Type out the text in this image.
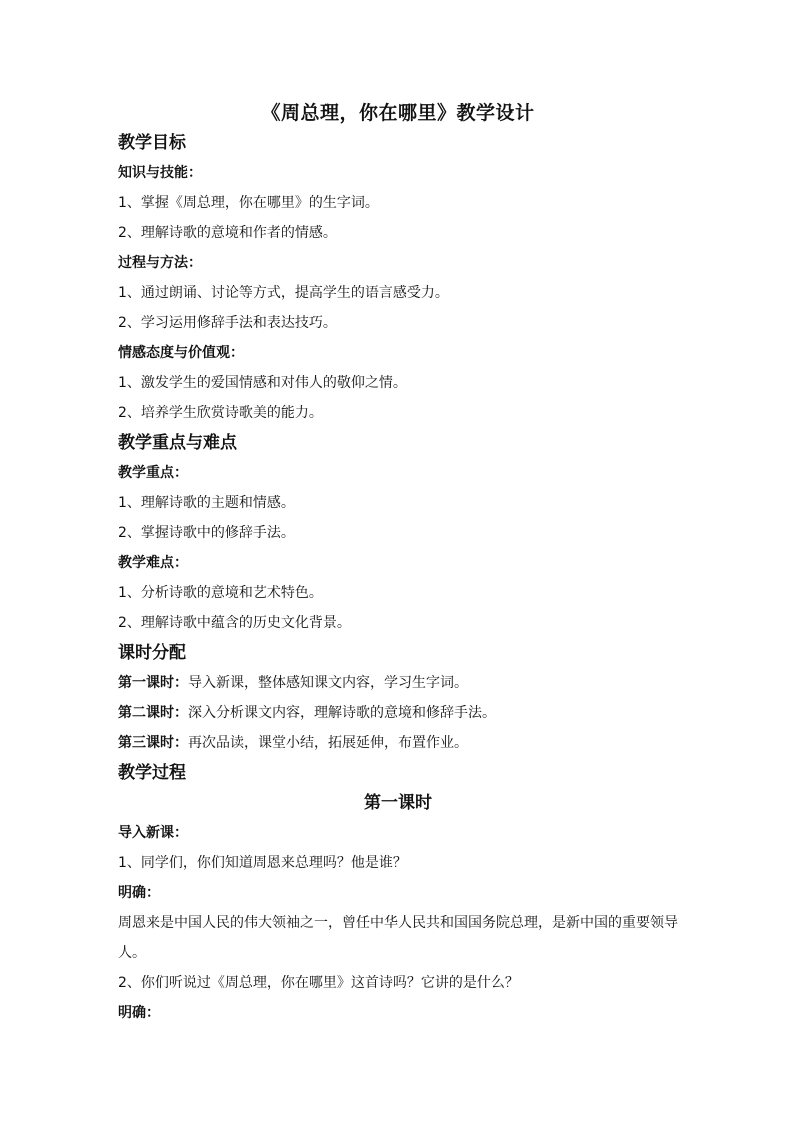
《周总理，你在哪里》教学设计

教学目标

知识与技能：

1、掌握《周总理，你在哪里》的生字词。

2、理解诗歌的意境和作者的情感。

过程与方法：

1、通过朗诵、讨论等方式，提高学生的语言感受力。

2、学习运用修辞手法和表达技巧。

情感态度与价值观：

1、激发学生的爱国情感和对伟人的敬仰之情。

2、培养学生欣赏诗歌美的能力。

教学重点与难点

教学重点：

1、理解诗歌的主题和情感。

2、掌握诗歌中的修辞手法。

教学难点：

1、分析诗歌的意境和艺术特色。

2、理解诗歌中蕴含的历史文化背景。

课时分配

第一课时：导入新课，整体感知课文内容，学习生字词。

第二课时：深入分析课文内容，理解诗歌的意境和修辞手法。

第三课时：再次品读，课堂小结，拓展延伸，布置作业。

教学过程

第一课时

导入新课：

1、同学们，你们知道周恩来总理吗？他是谁？

明确：

周恩来是中国人民的伟大领袖之一，曾任中华人民共和国国务院总理，是新中国的重要领导人。

2、你们听说过《周总理，你在哪里》这首诗吗？它讲的是什么？

明确：
